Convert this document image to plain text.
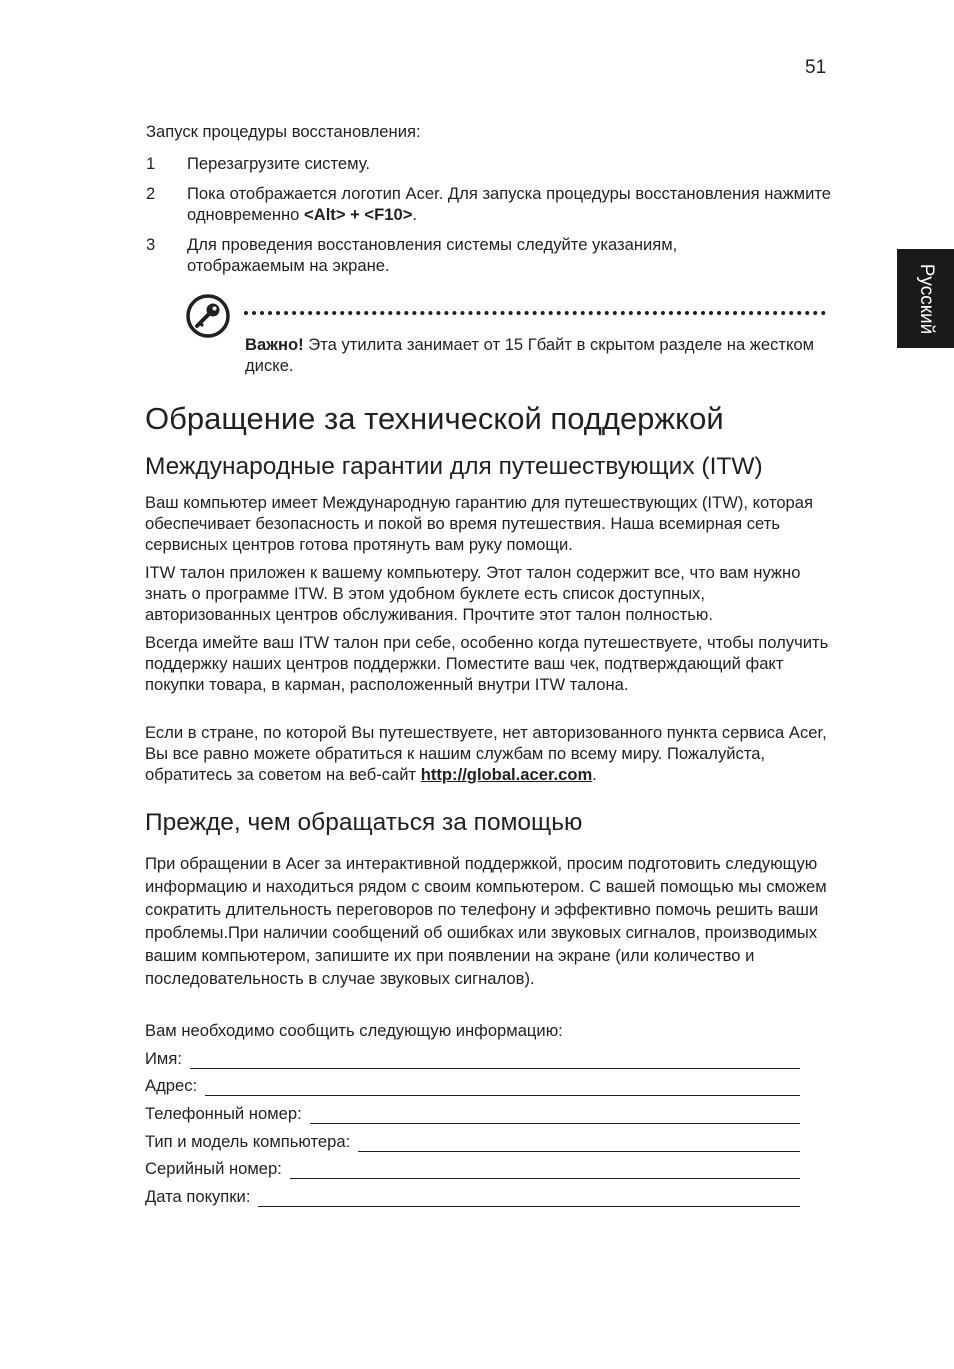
51
Русский

Запуск процедуры восстановления:

1 Перезагрузите систему.
2 Пока отображается логотип Acer. Для запуска процедуры восстановления нажмите одновременно <Alt> + <F10>.
3 Для проведения восстановления системы следуйте указаниям, отображаемым на экране.
Важно! Эта утилита занимает от 15 Гбайт в скрытом разделе на жестком диске.
Обращение за технической поддержкой
Международные гарантии для путешествующих (ITW)

Ваш компьютер имеет Международную гарантию для путешествующих (ITW), которая обеспечивает безопасность и покой во время путешествия. Наша всемирная сеть сервисных центров готова протянуть вам руку помощи.

ITW талон приложен к вашему компьютеру. Этот талон содержит все, что вам нужно знать о программе ITW. В этом удобном буклете есть список доступных, авторизованных центров обслуживания. Прочтите этот талон полностью.

Всегда имейте ваш ITW талон при себе, особенно когда путешествуете, чтобы получить поддержку наших центров поддержки. Поместите ваш чек, подтверждающий факт покупки товара, в карман, расположенный внутри ITW талона.

Если в стране, по которой Вы путешествуете, нет авторизованного пункта сервиса Acer, Вы все равно можете обратиться к нашим службам по всему миру. Пожалуйста, обратитесь за советом на веб-сайт http://global.acer.com.

Прежде, чем обращаться за помощью

При обращении в Acer за интерактивной поддержкой, просим подготовить следующую информацию и находиться рядом с своим компьютером. С вашей помощью мы сможем сократить длительность переговоров по телефону и эффективно помочь решить ваши проблемы.При наличии сообщений об ошибках или звуковых сигналов, производимых вашим компьютером, запишите их при появлении на экране (или количество и последовательность в случае звуковых сигналов).

Вам необходимо сообщить следующую информацию:

Имя:
Адрес:
Телефонный номер:
Тип и модель компьютера:
Серийный номер:
Дата покупки:
